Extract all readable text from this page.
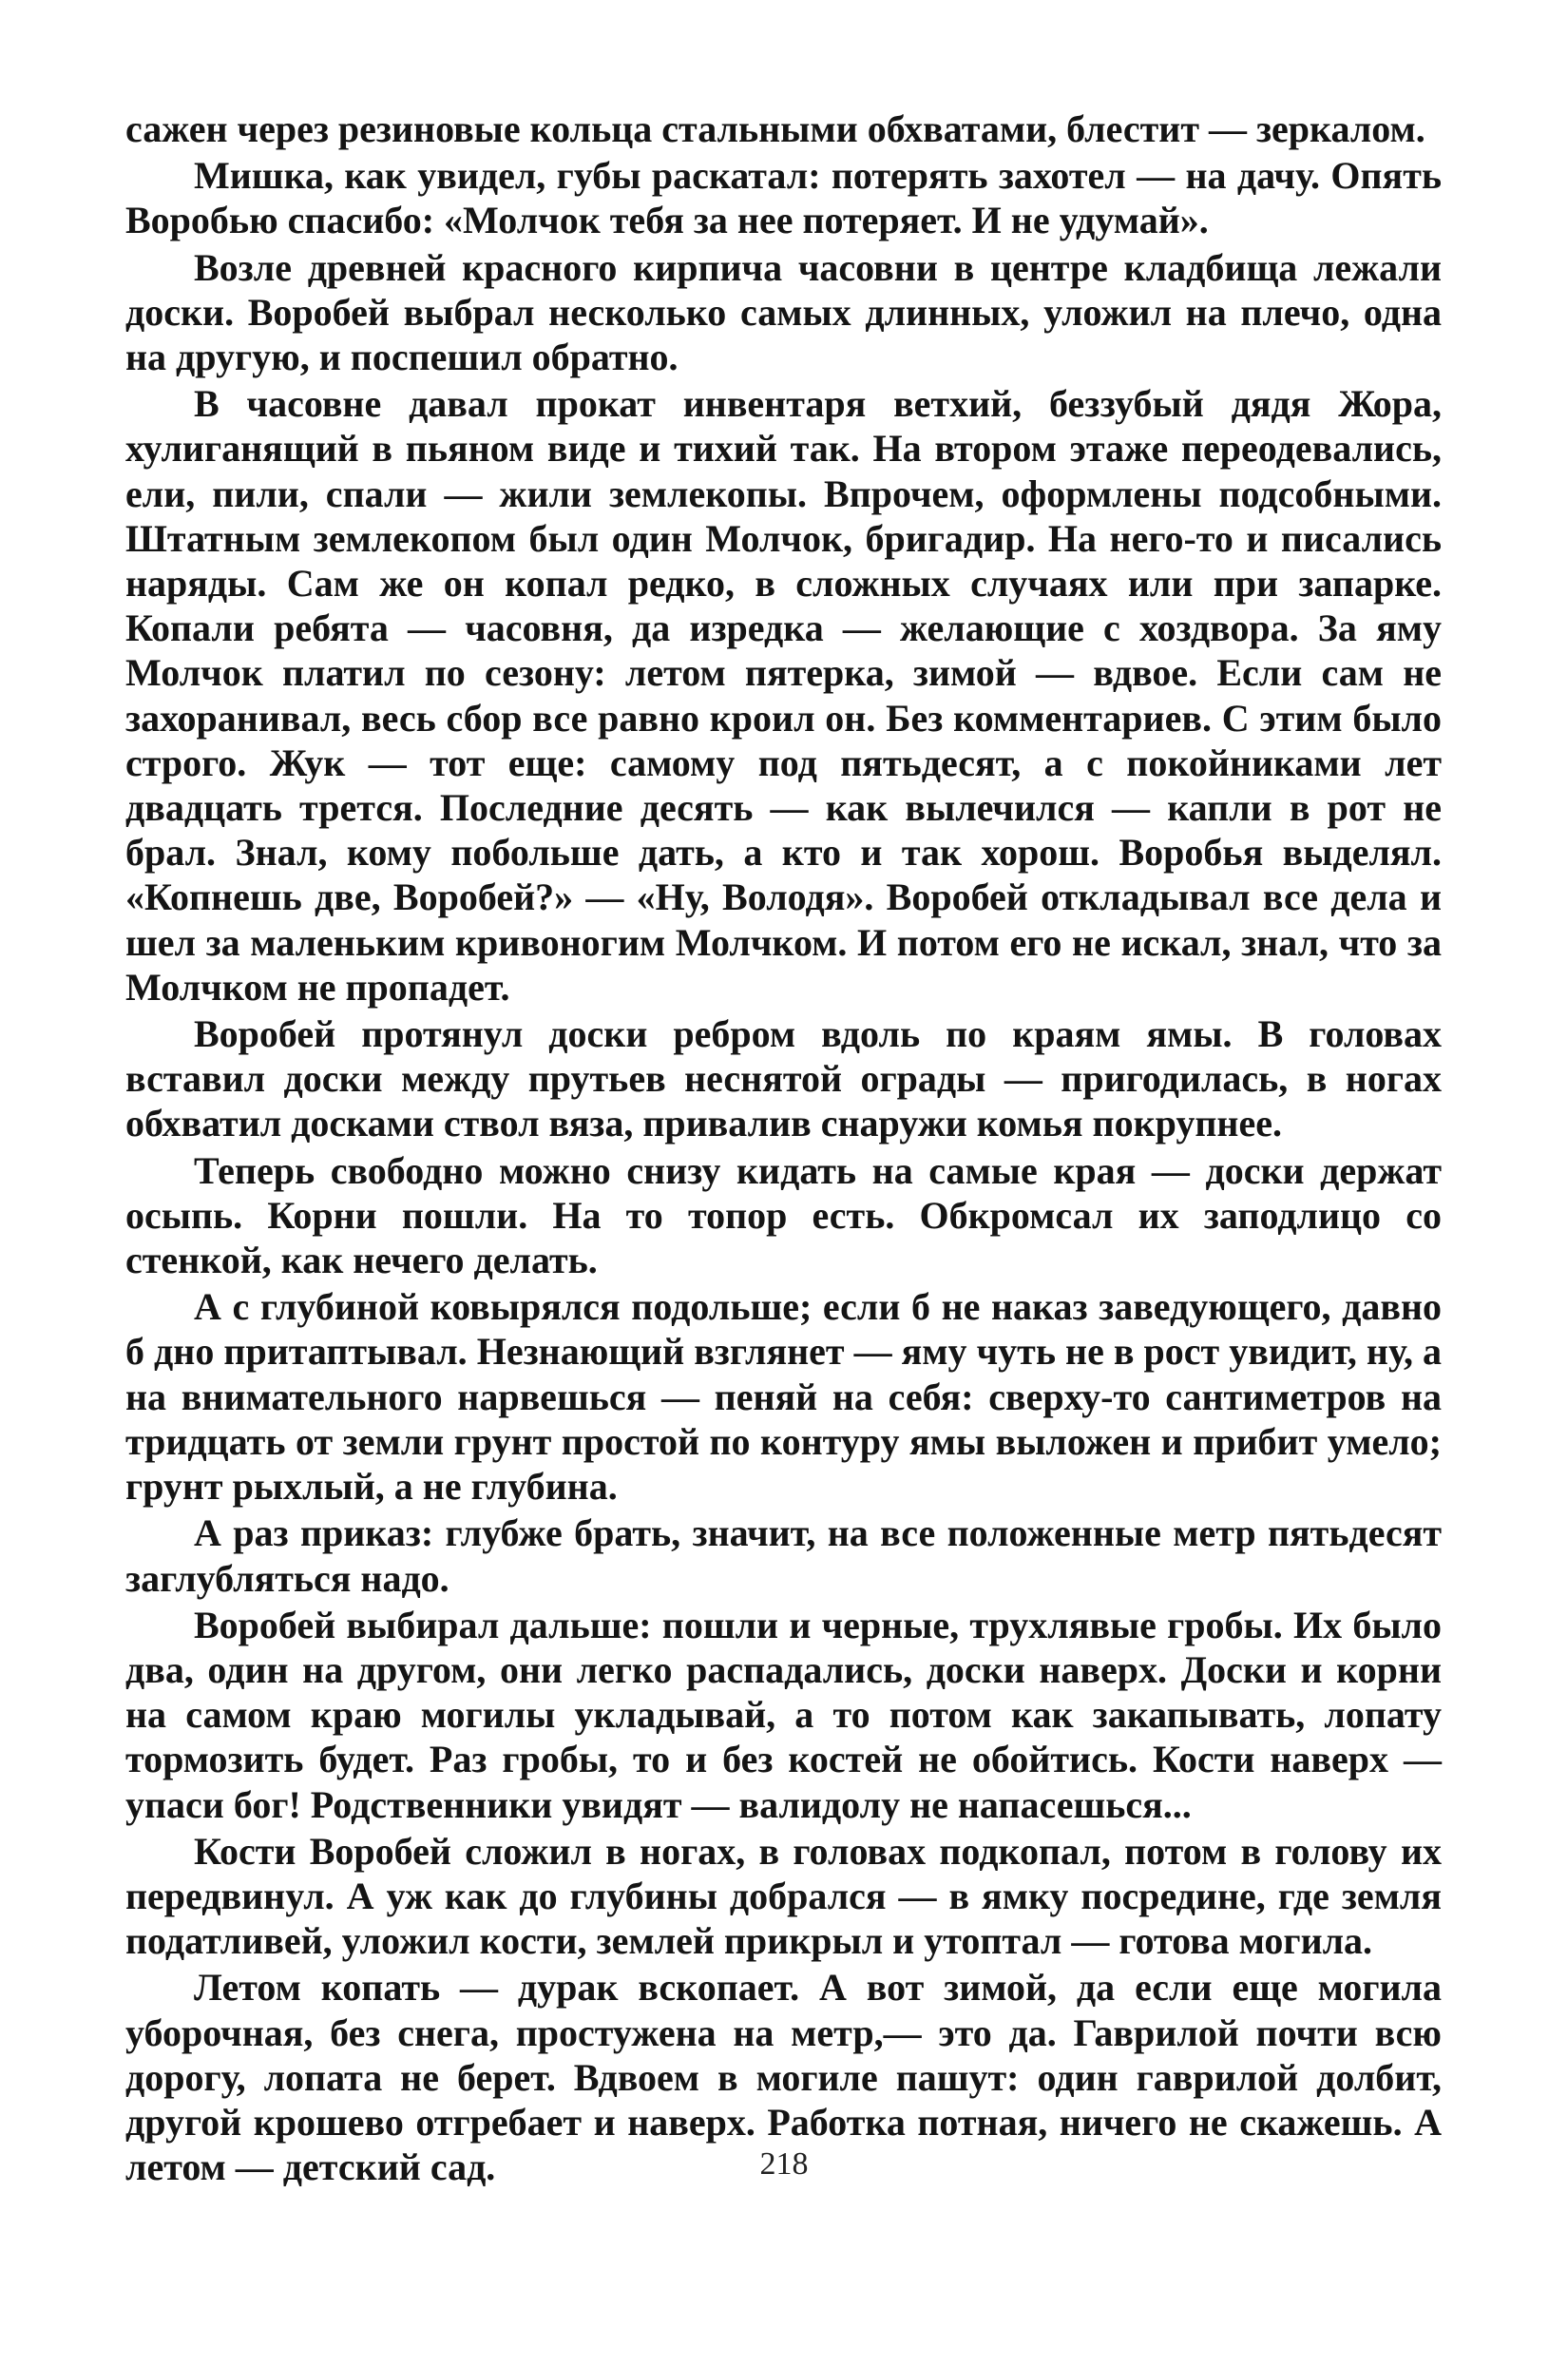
сажен через резиновые кольца стальными обхватами, блестит — зеркалом.

Мишка, как увидел, губы раскатал: потерять захотел — на дачу. Опять Воробью спасибо: «Молчок тебя за нее потеряет. И не удумай».

Возле древней красного кирпича часовни в центре кладбища лежали доски. Воробей выбрал несколько самых длинных, уложил на плечо, одна на другую, и поспешил обратно.

В часовне давал прокат инвентаря ветхий, беззубый дядя Жора, хулиганящий в пьяном виде и тихий так. На втором этаже переодевались, ели, пили, спали — жили землекопы. Впрочем, оформлены подсобными. Штатным землекопом был один Молчок, бригадир. На него-то и писались наряды. Сам же он копал редко, в сложных случаях или при запарке. Копали ребята — часовня, да изредка — желающие с хоздвора. За яму Молчок платил по сезону: летом пятерка, зимой — вдвое. Если сам не захоранивал, весь сбор все равно кроил он. Без комментариев. С этим было строго. Жук — тот еще: самому под пятьдесят, а с покойниками лет двадцать трется. Последние десять — как вылечился — капли в рот не брал. Знал, кому побольше дать, а кто и так хорош. Воробья выделял. «Копнешь две, Воробей?» — «Ну, Володя». Воробей откладывал все дела и шел за маленьким кривоногим Молчком. И потом его не искал, знал, что за Молчком не пропадет.

Воробей протянул доски ребром вдоль по краям ямы. В головах вставил доски между прутьев неснятой ограды — пригодилась, в ногах обхватил досками ствол вяза, привалив снаружи комья покрупнее.

Теперь свободно можно снизу кидать на самые края — доски держат осыпь. Корни пошли. На то топор есть. Обкромсал их заподлицо со стенкой, как нечего делать.

А с глубиной ковырялся подольше; если б не наказ заведующего, давно б дно притаптывал. Незнающий взглянет — яму чуть не в рост увидит, ну, а на внимательного нарвешься — пеняй на себя: сверху-то сантиметров на тридцать от земли грунт простой по контуру ямы выложен и прибит умело; грунт рыхлый, а не глубина.

А раз приказ: глубже брать, значит, на все положенные метр пятьдесят заглубляться надо.

Воробей выбирал дальше: пошли и черные, трухлявые гробы. Их было два, один на другом, они легко распадались, доски наверх. Доски и корни на самом краю могилы укладывай, а то потом как закапывать, лопату тормозить будет. Раз гробы, то и без костей не обойтись. Кости наверх — упаси бог! Родственники увидят — валидолу не напасешься...

Кости Воробей сложил в ногах, в головах подкопал, потом в голову их передвинул. А уж как до глубины добрался — в ямку посредине, где земля податливей, уложил кости, землей прикрыл и утоптал — готова могила.

Летом копать — дурак вскопает. А вот зимой, да если еще могила уборочная, без снега, простужена на метр,— это да. Гаврилой почти всю дорогу, лопата не берет. Вдвоем в могиле пашут: один гаврилой долбит, другой крошево отгребает и наверх. Работка потная, ничего не скажешь. А летом — детский сад.	218
